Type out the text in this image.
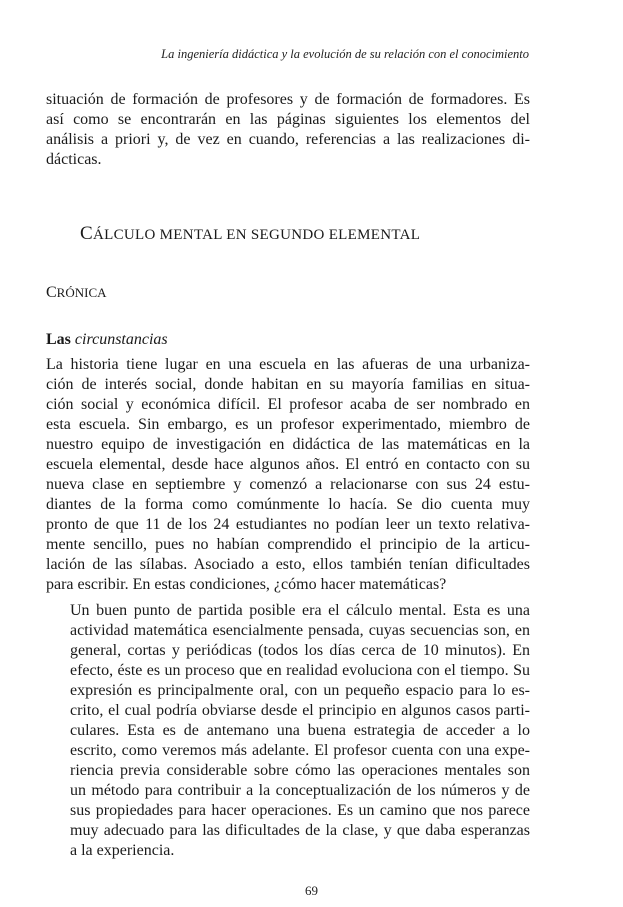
La ingeniería didáctica y la evolución de su relación con el conocimiento
situación de formación de profesores y de formación de formadores. Es
así como se encontrarán en las páginas siguientes los elementos del
análisis a priori y, de vez en cuando, referencias a las realizaciones di-
dácticas.
CÁLCULO MENTAL EN SEGUNDO ELEMENTAL
CRÓNICA
Las circunstancias
La historia tiene lugar en una escuela en las afueras de una urbaniza-
ción de interés social, donde habitan en su mayoría familias en situa-
ción social y económica difícil. El profesor acaba de ser nombrado en
esta escuela. Sin embargo, es un profesor experimentado, miembro de
nuestro equipo de investigación en didáctica de las matemáticas en la
escuela elemental, desde hace algunos años. El entró en contacto con su
nueva clase en septiembre y comenzó a relacionarse con sus 24 estu-
diantes de la forma como comúnmente lo hacía. Se dio cuenta muy
pronto de que 11 de los 24 estudiantes no podían leer un texto relativa-
mente sencillo, pues no habían comprendido el principio de la articu-
lación de las sílabas. Asociado a esto, ellos también tenían dificultades
para escribir. En estas condiciones, ¿cómo hacer matemáticas?
Un buen punto de partida posible era el cálculo mental. Esta es una
actividad matemática esencialmente pensada, cuyas secuencias son, en
general, cortas y periódicas (todos los días cerca de 10 minutos). En
efecto, éste es un proceso que en realidad evoluciona con el tiempo. Su
expresión es principalmente oral, con un pequeño espacio para lo es-
crito, el cual podría obviarse desde el principio en algunos casos parti-
culares. Esta es de antemano una buena estrategia de acceder a lo
escrito, como veremos más adelante. El profesor cuenta con una expe-
riencia previa considerable sobre cómo las operaciones mentales son
un método para contribuir a la conceptualización de los números y de
sus propiedades para hacer operaciones. Es un camino que nos parece
muy adecuado para las dificultades de la clase, y que daba esperanzas
a la experiencia.
69
